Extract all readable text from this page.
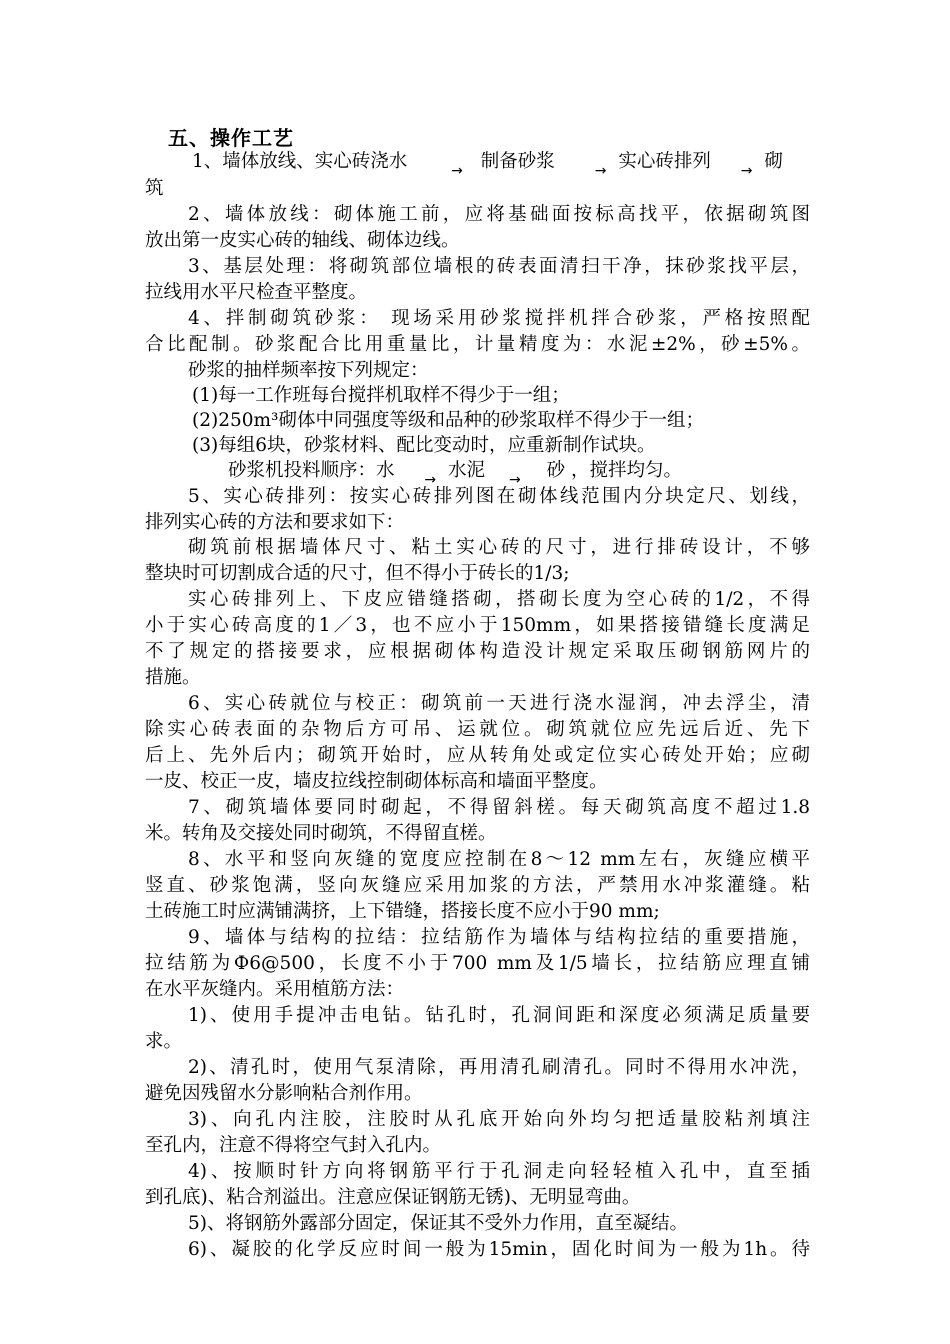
五、操作工艺
1、墙体放线、实心砖浇水	→ 制备砂浆	→ 实心砖排列 → 砌
筑
2、墙体放线：砌体施工前，应将基础面按标高找平，依据砌筑图
放出第一皮实心砖的轴线、砌体边线。
3、基层处理：将砌筑部位墙根的砖表面清扫干净，抹砂浆找平层，
拉线用水平尺检查平整度。
4、拌制砌筑砂浆： 现场采用砂浆搅拌机拌合砂浆，严格按照配
合比配制。砂浆配合比用重量比，计量精度为：水泥±2%，砂±5%。
砂浆的抽样频率按下列规定：
(1)每一工作班每台搅拌机取样不得少于一组；
(2)250m³砌体中同强度等级和品种的砂浆取样不得少于一组；
(3)每组6块，砂浆材料、配比变动时，应重新制作试块。
砂浆机投料顺序：水 → 水泥 → 砂 ，搅拌均匀。
5、实心砖排列：按实心砖排列图在砌体线范围内分块定尺、划线，
排列实心砖的方法和要求如下：
砌筑前根据墙体尺寸、粘土实心砖的尺寸，进行排砖设计，不够
整块时可切割成合适的尺寸，但不得小于砖长的1/3;
实心砖排列上、下皮应错缝搭砌，搭砌长度为空心砖的1/2，不得
小于实心砖高度的1／3，也不应小于150mm，如果搭接错缝长度满足
不了规定的搭接要求，应根据砌体构造没计规定采取压砌钢筋网片的
措施。
6、实心砖就位与校正：砌筑前一天进行浇水湿润，冲去浮尘，清
除实心砖表面的杂物后方可吊、运就位。砌筑就位应先远后近、先下
后上、先外后内；砌筑开始时，应从转角处或定位实心砖处开始；应砌
一皮、校正一皮，墙皮拉线控制砌体标高和墙面平整度。
7、砌筑墙体要同时砌起，不得留斜槎。每天砌筑高度不超过1.8
米。转角及交接处同时砌筑，不得留直槎。
8、水平和竖向灰缝的宽度应控制在8～12 mm左右，灰缝应横平
竖直、砂浆饱满，竖向灰缝应采用加浆的方法，严禁用水冲浆灌缝。粘
土砖施工时应满铺满挤，上下错缝，搭接长度不应小于90 mm;
9、墙体与结构的拉结：拉结筋作为墙体与结构拉结的重要措施，
拉结筋为Ф6@500，长度不小于700 mm及1/5墙长，拉结筋应理直铺
在水平灰缝内。采用植筋方法：
1)、使用手提冲击电钻。钻孔时，孔洞间距和深度必须满足质量要
求。
2)、清孔时，使用气泵清除，再用清孔刷清孔。同时不得用水冲洗，
避免因残留水分影响粘合剂作用。
3)、向孔内注胶，注胶时从孔底开始向外均匀把适量胶粘剂填注
至孔内，注意不得将空气封入孔内。
4)、按顺时针方向将钢筋平行于孔洞走向轻轻植入孔中，直至插
到孔底)、粘合剂溢出。注意应保证钢筋无锈)、无明显弯曲。
5)、将钢筋外露部分固定，保证其不受外力作用，直至凝结。
6)、凝胶的化学反应时间一般为15min，固化时间为一般为1h。待
